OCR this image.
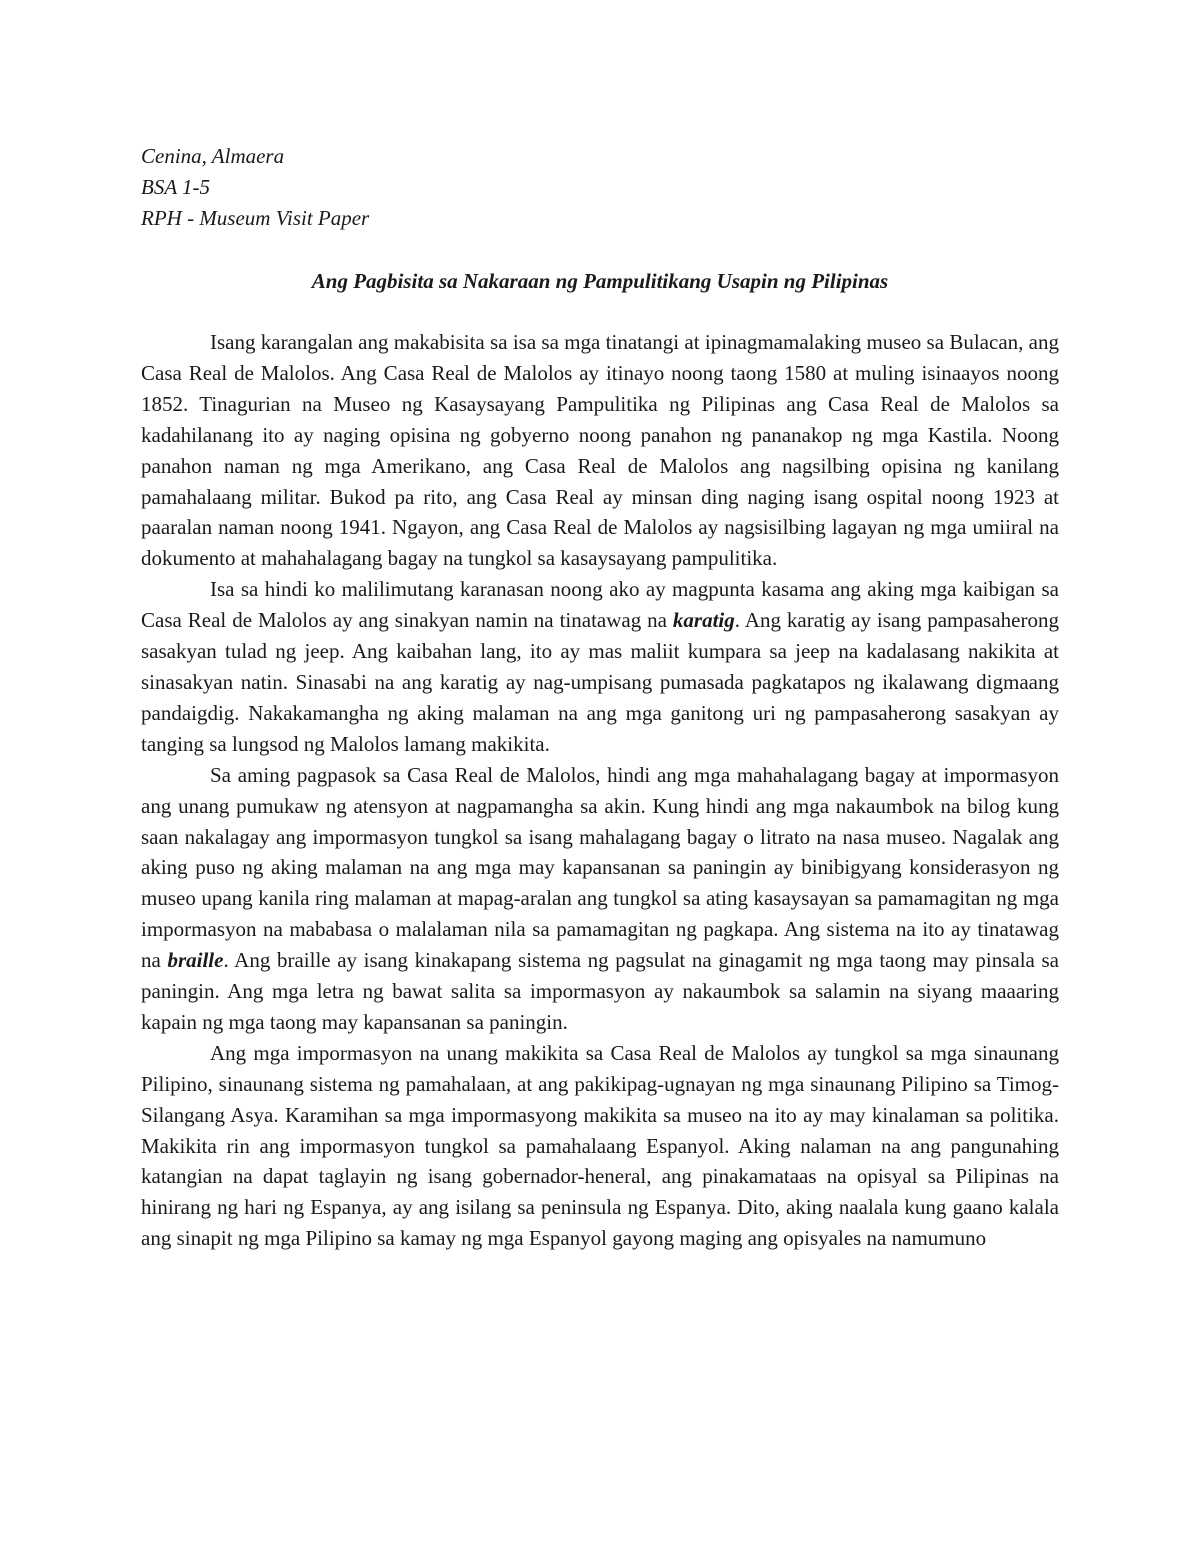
Cenina, Almaera
BSA 1-5
RPH - Museum Visit Paper
Ang Pagbisita sa Nakaraan ng Pampulitikang Usapin ng Pilipinas

Isang karangalan ang makabisita sa isa sa mga tinatangi at ipinagmamalaking museo sa Bulacan, ang Casa Real de Malolos. Ang Casa Real de Malolos ay itinayo noong taong 1580 at muling isinaayos noong 1852. Tinagurian na Museo ng Kasaysayang Pampulitika ng Pilipinas ang Casa Real de Malolos sa kadahilanang ito ay naging opisina ng gobyerno noong panahon ng pananakop ng mga Kastila. Noong panahon naman ng mga Amerikano, ang Casa Real de Malolos ang nagsilbing opisina ng kanilang pamahalaang militar. Bukod pa rito, ang Casa Real ay minsan ding naging isang ospital noong 1923 at paaralan naman noong 1941. Ngayon, ang Casa Real de Malolos ay nagsisilbing lagayan ng mga umiiral na dokumento at mahahalagang bagay na tungkol sa kasaysayang pampulitika.

Isa sa hindi ko malilimutang karanasan noong ako ay magpunta kasama ang aking mga kaibigan sa Casa Real de Malolos ay ang sinakyan namin na tinatawag na karatig. Ang karatig ay isang pampasaherong sasakyan tulad ng jeep. Ang kaibahan lang, ito ay mas maliit kumpara sa jeep na kadalasang nakikita at sinasakyan natin. Sinasabi na ang karatig ay nag-umpisang pumasada pagkatapos ng ikalawang digmaang pandaigdig. Nakakamangha ng aking malaman na ang mga ganitong uri ng pampasaherong sasakyan ay tanging sa lungsod ng Malolos lamang makikita.

Sa aming pagpasok sa Casa Real de Malolos, hindi ang mga mahahalagang bagay at impormasyon ang unang pumukaw ng atensyon at nagpamangha sa akin. Kung hindi ang mga nakaumbok na bilog kung saan nakalagay ang impormasyon tungkol sa isang mahalagang bagay o litrato na nasa museo. Nagalak ang aking puso ng aking malaman na ang mga may kapansanan sa paningin ay binibigyang konsiderasyon ng museo upang kanila ring malaman at mapag-aralan ang tungkol sa ating kasaysayan sa pamamagitan ng mga impormasyon na mababasa o malalaman nila sa pamamagitan ng pagkapa. Ang sistema na ito ay tinatawag na braille. Ang braille ay isang kinakapang sistema ng pagsulat na ginagamit ng mga taong may pinsala sa paningin. Ang mga letra ng bawat salita sa impormasyon ay nakaumbok sa salamin na siyang maaaring kapain ng mga taong may kapansanan sa paningin.

Ang mga impormasyon na unang makikita sa Casa Real de Malolos ay tungkol sa mga sinaunang Pilipino, sinaunang sistema ng pamahalaan, at ang pakikipag-ugnayan ng mga sinaunang Pilipino sa Timog-Silangang Asya. Karamihan sa mga impormasyong makikita sa museo na ito ay may kinalaman sa politika. Makikita rin ang impormasyon tungkol sa pamahalaang Espanyol. Aking nalaman na ang pangunahing katangian na dapat taglayin ng isang gobernador-heneral, ang pinakamataas na opisyal sa Pilipinas na hinirang ng hari ng Espanya, ay ang isilang sa peninsula ng Espanya. Dito, aking naalala kung gaano kalala ang sinapit ng mga Pilipino sa kamay ng mga Espanyol gayong maging ang opisyales na namumuno
